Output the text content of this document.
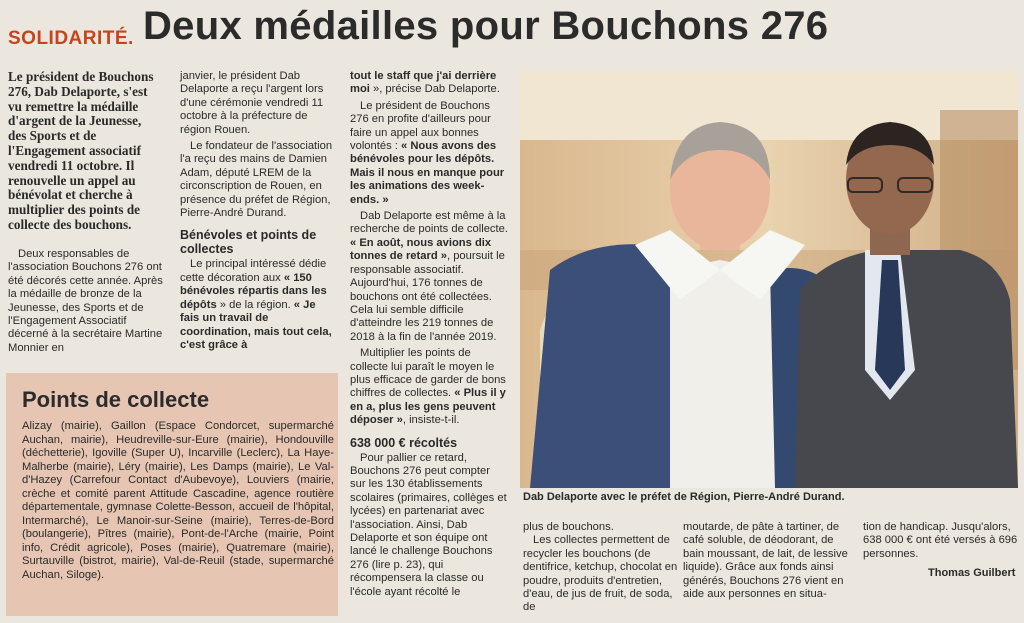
SOLIDARITÉ. Deux médailles pour Bouchons 276
Le président de Bouchons 276, Dab Delaporte, s'est vu remettre la médaille d'argent de la Jeunesse, des Sports et de l'Engagement associatif vendredi 11 octobre. Il renouvelle un appel au bénévolat et cherche à multiplier des points de collecte des bouchons.

Deux responsables de l'association Bouchons 276 ont été décorés cette année. Après la médaille de bronze de la Jeunesse, des Sports et de l'Engagement Associatif décerné à la secrétaire Martine Monnier en

janvier, le président Dab Delaporte a reçu l'argent lors d'une cérémonie vendredi 11 octobre à la préfecture de région Rouen.

Le fondateur de l'association l'a reçu des mains de Damien Adam, député LREM de la circonscription de Rouen, en présence du préfet de Région, Pierre-André Durand.

Bénévoles et points de collectes

Le principal intéressé dédie cette décoration aux « 150 bénévoles répartis dans les dépôts » de la région. « Je fais un travail de coordination, mais tout cela, c'est grâce à

tout le staff que j'ai derrière moi », précise Dab Delaporte.

Le président de Bouchons 276 en profite d'ailleurs pour faire un appel aux bonnes volontés : « Nous avons des bénévoles pour les dépôts. Mais il nous en manque pour les animations des week-ends. »

Dab Delaporte est même à la recherche de points de collecte. « En août, nous avions dix tonnes de retard », poursuit le responsable associatif. Aujourd'hui, 176 tonnes de bouchons ont été collectées. Cela lui semble difficile d'atteindre les 219 tonnes de 2018 à la fin de l'année 2019.

Multiplier les points de collecte lui paraît le moyen le plus efficace de garder de bons chiffres de collectes. « Plus il y en a, plus les gens peuvent déposer », insiste-t-il.

638 000 € récoltés

Pour pallier ce retard, Bouchons 276 peut compter sur les 130 établissements scolaires (primaires, collèges et lycées) en partenariat avec l'association. Ainsi, Dab Delaporte et son équipe ont lancé le challenge Bouchons 276 (lire p. 23), qui récompensera la classe ou l'école ayant récolté le

Points de collecte
Alizay (mairie), Gaillon (Espace Condorcet, supermarché Auchan, mairie), Heudreville-sur-Eure (mairie), Hondouville (déchetterie), Igoville (Super U), Incarville (Leclerc), La Haye-Malherbe (mairie), Léry (mairie), Les Damps (mairie), Le Val-d'Hazey (Carrefour Contact d'Aubevoye), Louviers (mairie, crèche et comité parent Attitude Cascadine, agence routière départementale, gymnase Colette-Besson, accueil de l'hôpital, Intermarché), Le Manoir-sur-Seine (mairie), Terres-de-Bord (boulangerie), Pîtres (mairie), Pont-de-l'Arche (mairie, Point info, Crédit agricole), Poses (mairie), Quatremare (mairie), Surtauville (bistrot, mairie), Val-de-Reuil (stade, supermarché Auchan, Siloge).
Dab Delaporte avec le préfet de Région, Pierre-André Durand.
plus de bouchons.
Les collectes permettent de recycler les bouchons (de dentifrice, ketchup, chocolat en poudre, produits d'entretien, d'eau, de jus de fruit, de soda, de
moutarde, de pâte à tartiner, de café soluble, de déodorant, de bain moussant, de lait, de lessive liquide). Grâce aux fonds ainsi générés, Bouchons 276 vient en aide aux personnes en situa-
tion de handicap. Jusqu'alors, 638 000 € ont été versés à 696 personnes.
Thomas Guilbert
